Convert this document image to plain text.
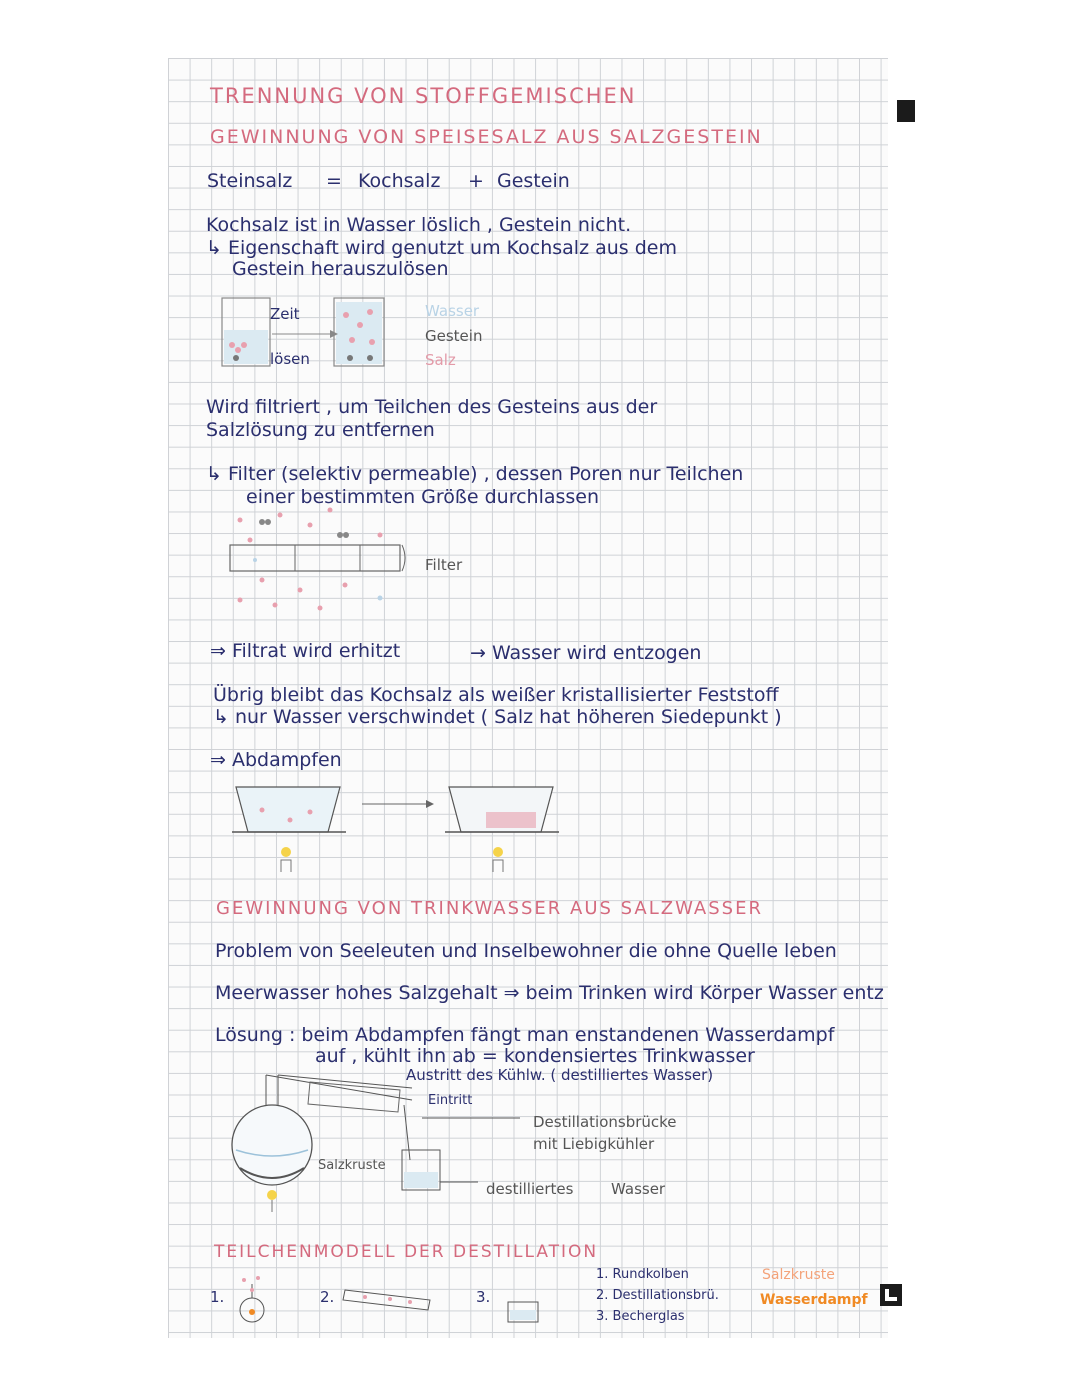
TRENNUNG VON STOFFGEMISCHEN
GEWINNUNG VON SPEISESALZ AUS SALZGESTEIN
Steinsalz = Kochsalz + Gestein
Kochsalz ist in Wasser löslich , Gestein nicht.
↳ Eigenschaft wird genutzt um Kochsalz aus dem
Gestein herauszulösen
Zeit
lösen
Wasser
Gestein
Salz
Wird filtriert , um Teilchen des Gesteins aus der
Salzlösung zu entfernen
↳ Filter (selektiv permeable) , dessen Poren nur Teilchen
einer bestimmten Größe durchlassen
Filter
⇒ Filtrat wird erhitzt	→ Wasser wird entzogen
Übrig bleibt das Kochsalz als weißer kristallisierter Feststoff
↳ nur Wasser verschwindet ( Salz hat höheren Siedepunkt )
⇒ Abdampfen
GEWINNUNG VON TRINKWASSER AUS SALZWASSER
Problem von Seeleuten und Inselbewohner die ohne Quelle leben
Meerwasser hohes Salzgehalt ⇒ beim Trinken wird Körper Wasser entz
Lösung : beim Abdampfen fängt man enstandenen Wasserdampf
auf , kühlt ihn ab = kondensiertes Trinkwasser
Austritt des Kühlw. ( destilliertes Wasser)
Eintritt
Destillationsbrücke
mit Liebigkühler
Salzkruste
destilliertes	Wasser
TEILCHENMODELL DER DESTILLATION
1.	2.	3.
1. Rundkolben
2. Destillationsbrü.
3. Becherglas
Salzkruste
Wasserdampf
